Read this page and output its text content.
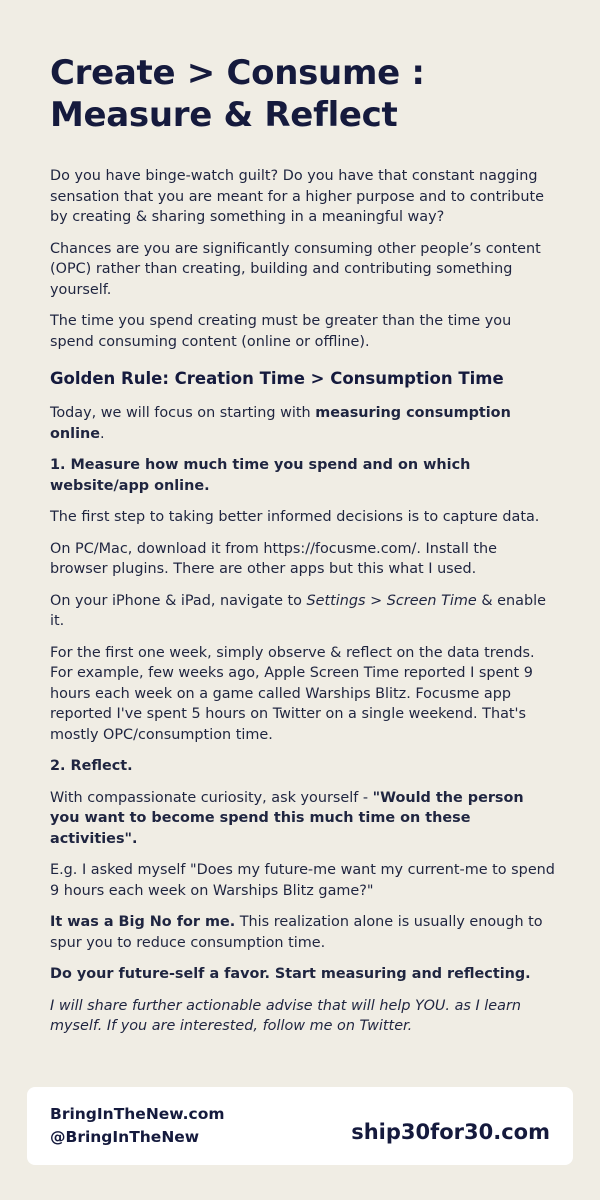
Create > Consume :
Measure & Reflect

Do you have binge-watch guilt? Do you have that constant nagging sensation that you are meant for a higher purpose and to contribute by creating & sharing something in a meaningful way?

Chances are you are significantly consuming other people’s content (OPC) rather than creating, building and contributing something yourself.

The time you spend creating must be greater than the time you spend consuming content (online or offline).

Golden Rule: Creation Time > Consumption Time

Today, we will focus on starting with measuring consumption online.

1. Measure how much time you spend and on which website/app online.

The first step to taking better informed decisions is to capture data.

On PC/Mac, download it from https://focusme.com/. Install the browser plugins. There are other apps but this what I used.

On your iPhone & iPad, navigate to Settings > Screen Time & enable it.

For the first one week, simply observe & reflect on the data trends. For example, few weeks ago, Apple Screen Time reported I spent 9 hours each week on a game called Warships Blitz. Focusme app reported I've spent 5 hours on Twitter on a single weekend. That's mostly OPC/consumption time.

2. Reflect.

With compassionate curiosity, ask yourself - "Would the person you want to become spend this much time on these activities".

E.g. I asked myself "Does my future-me want my current-me to spend 9 hours each week on Warships Blitz game?"

It was a Big No for me. This realization alone is usually enough to spur you to reduce consumption time.

Do your future-self a favor. Start measuring and reflecting.

I will share further actionable advise that will help YOU. as I learn myself. If you are interested, follow me on Twitter.

BringInTheNew.com
@BringInTheNew	ship30for30.com
